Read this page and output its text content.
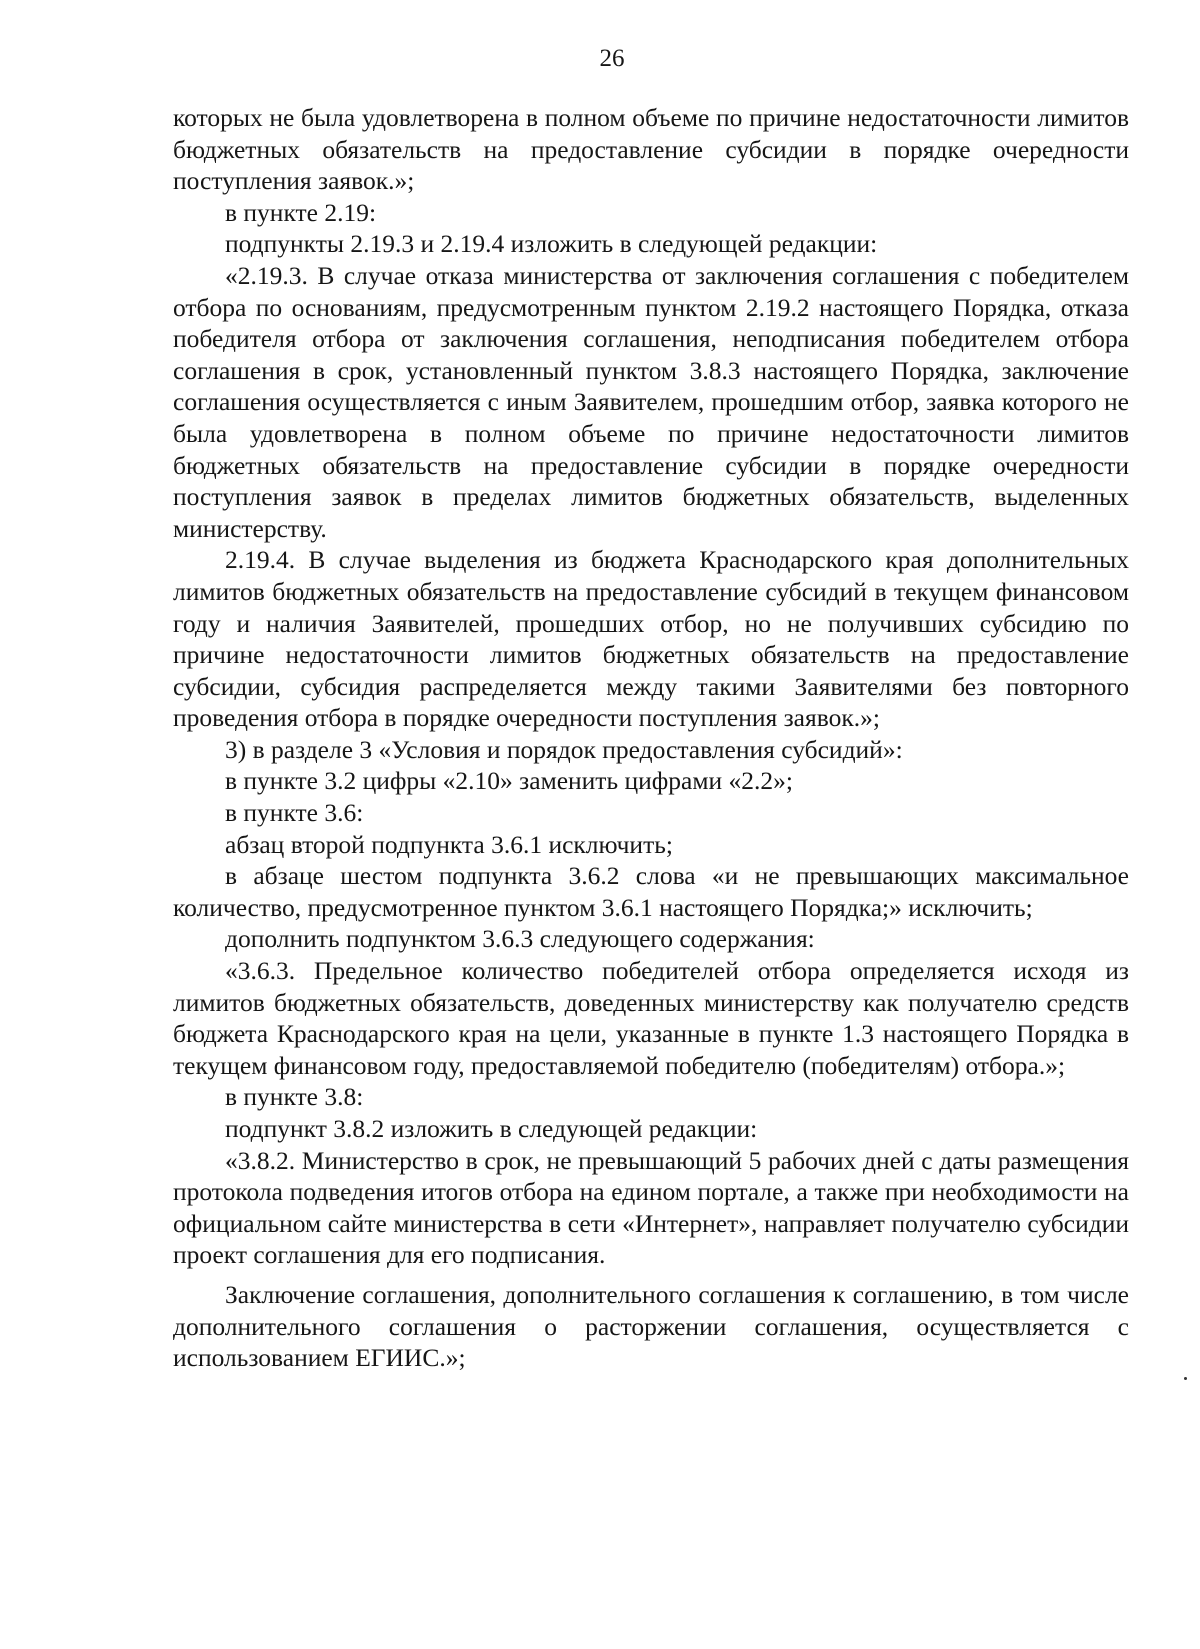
26

которых не была удовлетворена в полном объеме по причине недостаточности лимитов бюджетных обязательств на предоставление субсидии в порядке очередности поступления заявок.»;

в пункте 2.19:

подпункты 2.19.3 и 2.19.4 изложить в следующей редакции:

«2.19.3. В случае отказа министерства от заключения соглашения с победителем отбора по основаниям, предусмотренным пунктом 2.19.2 настоящего Порядка, отказа победителя отбора от заключения соглашения, неподписания победителем отбора соглашения в срок, установленный пунктом 3.8.3 настоящего Порядка, заключение соглашения осуществляется с иным Заявителем, прошедшим отбор, заявка которого не была удовлетворена в полном объеме по причине недостаточности лимитов бюджетных обязательств на предоставление субсидии в порядке очередности поступления заявок в пределах лимитов бюджетных обязательств, выделенных министерству.

2.19.4. В случае выделения из бюджета Краснодарского края дополнительных лимитов бюджетных обязательств на предоставление субсидий в текущем финансовом году и наличия Заявителей, прошедших отбор, но не получивших субсидию по причине недостаточности лимитов бюджетных обязательств на предоставление субсидии, субсидия распределяется между такими Заявителями без повторного проведения отбора в порядке очередности поступления заявок.»;

3) в разделе 3 «Условия и порядок предоставления субсидий»:

в пункте 3.2 цифры «2.10» заменить цифрами «2.2»;

в пункте 3.6:

абзац второй подпункта 3.6.1 исключить;

в абзаце шестом подпункта 3.6.2 слова «и не превышающих максимальное количество, предусмотренное пунктом 3.6.1 настоящего Порядка;» исключить;

дополнить подпунктом 3.6.3 следующего содержания:

«3.6.3. Предельное количество победителей отбора определяется исходя из лимитов бюджетных обязательств, доведенных министерству как получателю средств бюджета Краснодарского края на цели, указанные в пункте 1.3 настоящего Порядка в текущем финансовом году, предоставляемой победителю (победителям) отбора.»;

в пункте 3.8:

подпункт 3.8.2 изложить в следующей редакции:

«3.8.2. Министерство в срок, не превышающий 5 рабочих дней с даты размещения протокола подведения итогов отбора на едином портале, а также при необходимости на официальном сайте министерства в сети «Интернет», направляет получателю субсидии проект соглашения для его подписания.

Заключение соглашения, дополнительного соглашения к соглашению, в том числе дополнительного соглашения о расторжении соглашения, осуществляется с использованием ЕГИИС.»;
